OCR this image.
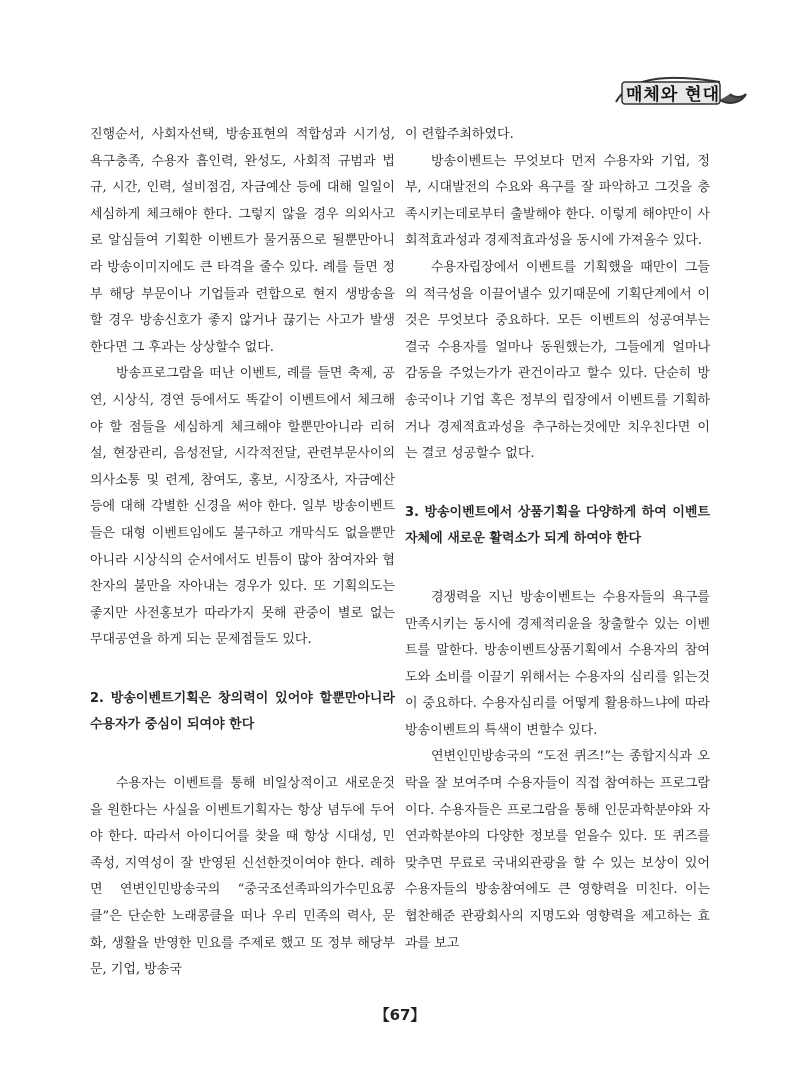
매체와 현대

진행순서, 사회자선택, 방송표현의 적합성과 시기성, 욕구충족, 수용자 흡인력, 완성도, 사회적 규범과 법규, 시간, 인력, 설비점검, 자금예산 등에 대해 일일이 세심하게 체크해야 한다. 그렇지 않을 경우 의외사고로 알심들여 기획한 이벤트가 물거품으로 될뿐만아니라 방송이미지에도 큰 타격을 줄수 있다. 례를 들면 정부 해당 부문이나 기업들과 련합으로 현지 생방송을 할 경우 방송신호가 좋지 않거나 끊기는 사고가 발생한다면 그 후과는 상상할수 없다.

방송프로그람을 떠난 이벤트, 례를 들면 축제, 공연, 시상식, 경연 등에서도 똑같이 이벤트에서 체크해야 할 점들을 세심하게 체크해야 할뿐만아니라 리허설, 현장관리, 음성전달, 시각적전달, 관련부문사이의 의사소통 및 련계, 참여도, 홍보, 시장조사, 자금예산 등에 대해 각별한 신경을 써야 한다. 일부 방송이벤트들은 대형 이벤트임에도 불구하고 개막식도 없을뿐만아니라 시상식의 순서에서도 빈틈이 많아 참여자와 협찬자의 불만을 자아내는 경우가 있다. 또 기획의도는 좋지만 사전홍보가 따라가지 못해 관중이 별로 없는 무대공연을 하게 되는 문제점들도 있다.

2. 방송이벤트기획은 창의력이 있어야 할뿐만아니라 수용자가 중심이 되여야 한다

수용자는 이벤트를 통해 비일상적이고 새로운것을 원한다는 사실을 이벤트기획자는 항상 념두에 두어야 한다. 따라서 아이디어를 찾을 때 항상 시대성, 민족성, 지역성이 잘 반영된 신선한것이여야 한다. 례하면 연변인민방송국의 “중국조선족파의가수민요콩클”은 단순한 노래콩클을 떠나 우리 민족의 력사, 문화, 생활을 반영한 민요를 주제로 했고 또 정부 해당부문, 기업, 방송국

이 련합주최하였다.

방송이벤트는 무엇보다 먼저 수용자와 기업, 정부, 시대발전의 수요와 욕구를 잘 파악하고 그것을 충족시키는데로부터 출발해야 한다. 이렇게 해야만이 사회적효과성과 경제적효과성을 동시에 가져올수 있다.

수용자립장에서 이벤트를 기획했을 때만이 그들의 적극성을 이끌어낼수 있기때문에 기획단계에서 이것은 무엇보다 중요하다. 모든 이벤트의 성공여부는 결국 수용자를 얼마나 동원했는가, 그들에게 얼마나 감동을 주었는가가 관건이라고 할수 있다. 단순히 방송국이나 기업 혹은 정부의 립장에서 이벤트를 기획하거나 경제적효과성을 추구하는것에만 치우친다면 이는 결코 성공할수 없다.

3. 방송이벤트에서 상품기획을 다양하게 하여 이벤트 자체에 새로운 활력소가 되게 하여야 한다

경쟁력을 지닌 방송이벤트는 수용자들의 욕구를 만족시키는 동시에 경제적리윤을 창출할수 있는 이벤트를 말한다. 방송이벤트상품기획에서 수용자의 참여도와 소비를 이끌기 위해서는 수용자의 심리를 읽는것이 중요하다. 수용자심리를 어떻게 활용하느냐에 따라 방송이벤트의 특색이 변할수 있다.

연변인민방송국의 “도전 퀴즈!”는 종합지식과 오락을 잘 보여주며 수용자들이 직접 참여하는 프로그람이다. 수용자들은 프로그람을 통해 인문과학분야와 자연과학분야의 다양한 정보를 얻을수 있다. 또 퀴즈를 맞추면 무료로 국내외관광을 할 수 있는 보상이 있어 수용자들의 방송참여에도 큰 영향력을 미친다. 이는 협찬해준 관광회사의 지명도와 영향력을 제고하는 효과를 보고

【67】
